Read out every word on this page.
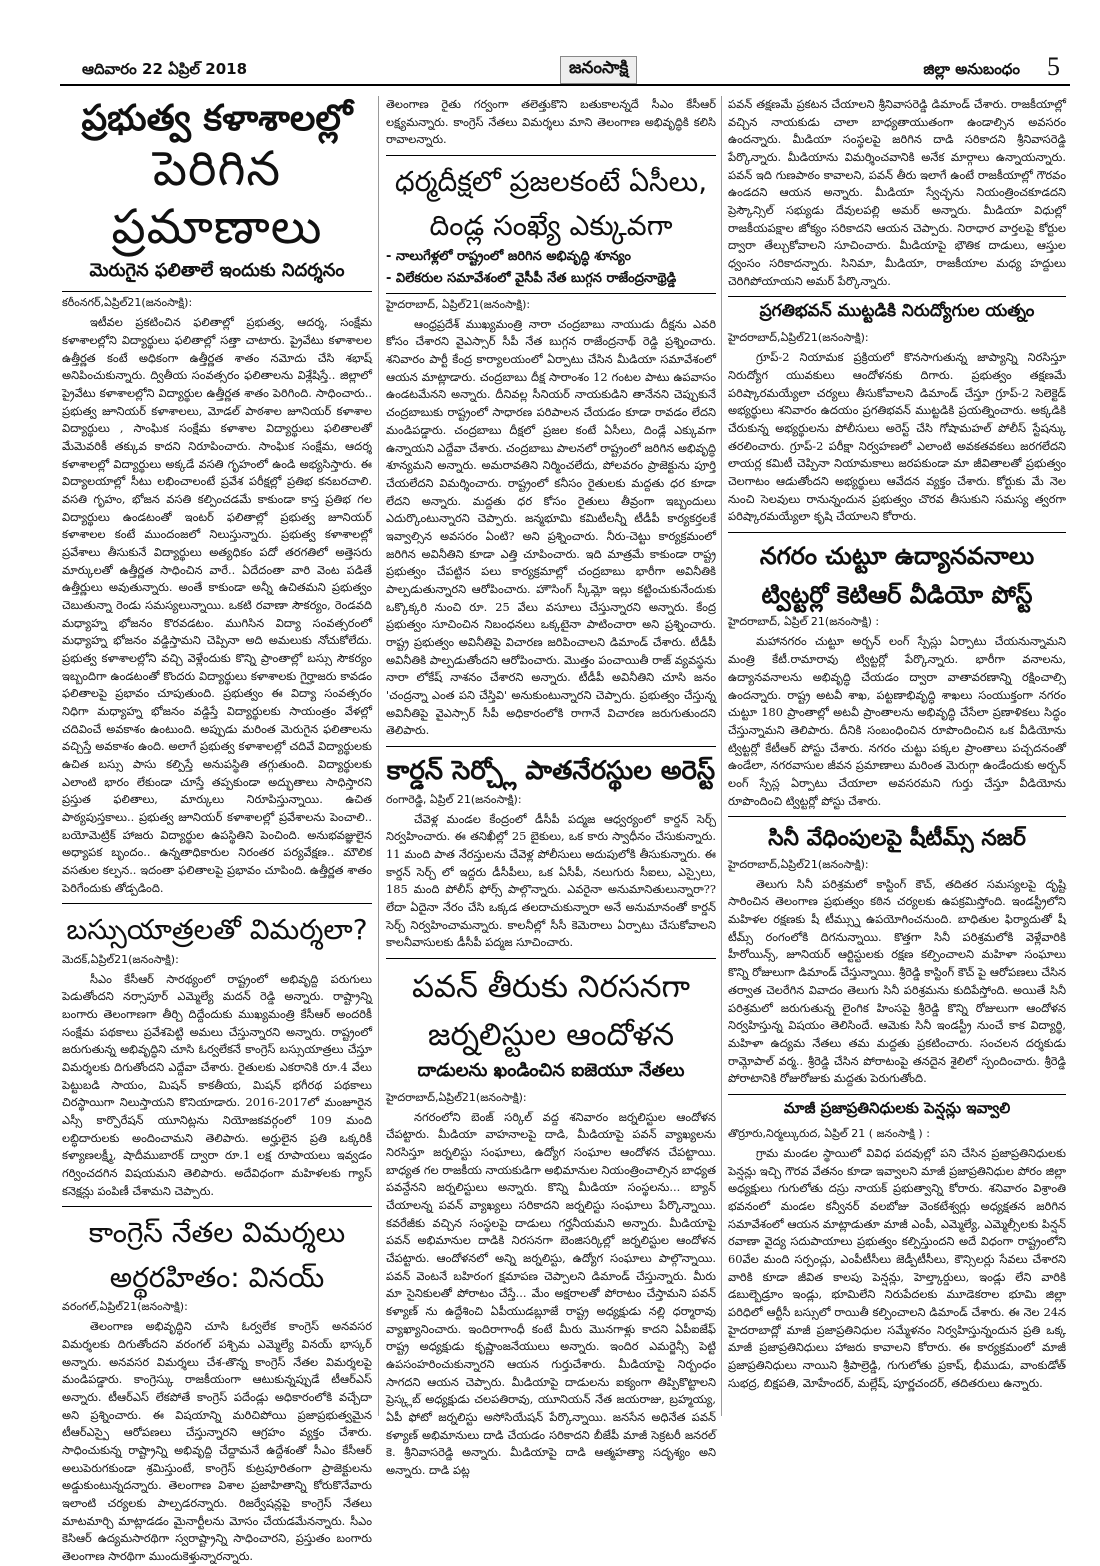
ఆదివారం 22 ఏప్రిల్ 2018	జనంసాక్షి	జిల్లా అనుబంధం 5
ప్రభుత్వ కళాశాలల్లో
పెరిగిన ప్రమాణాలు
మెరుగైన ఫలితాలే ఇందుకు నిదర్శనం
కరీంనగర్,ఏప్రిల్21(జనంసాక్షి):

ఇటీవల ప్రకటించిన ఫలితాల్లో ప్రభుత్వ, ఆదర్శ, సంక్షేమ కళాశాలల్లోని విద్యార్థులు ఫలితాల్లో సత్తా చాటారు. ప్రైవేటు కళాశాలల ఉత్తీర్ణత కంటే అధికంగా ఉత్తీర్ణత శాతం నమోదు చేసి శభాష్ అనిపించుకున్నారు. ద్వితీయ సంవత్సరం ఫలితాలను విశ్లేషిస్తే.. జిల్లాలో ప్రైవేటు కళాశాలల్లోని విద్యార్థుల ఉత్తీర్ణత శాతం పెరిగింది. సాధించారు.. ప్రభుత్వ జూనియర్ కళాశాలలు, మోడల్ పాఠశాల జూనియర్ కళాశాల విద్యార్థులు , సాంఘిక సంక్షేమ కళాశాల విద్యార్థులు ఫలితాలతో మేమెవరికీ తక్కువ కాదని నిరూపించారు. సాంఘిక సంక్షేమ, ఆదర్శ కళాశాలల్లో విద్యార్థులు అక్కడే వసతి గృహంలో ఉండి అభ్యసిస్తారు. ఈ విద్యాలయాల్లో సీటు లభించాలంటే ప్రవేశ పరీక్షల్లో ప్రతిభ కనబరచాలి. వసతి గృహం, భోజన వసతి కల్పించడమే కాకుండా కాస్త ప్రతిభ గల విద్యార్థులు ఉండటంతో ఇంటర్ ఫలితాల్లో ప్రభుత్వ జూనియర్ కళాశాలల కంటే ముందంజలో నిలుస్తున్నారు. ప్రభుత్వ కళాశాలల్లో ప్రవేశాలు తీసుకునే విద్యార్థులు అత్యధికం పదో తరగతిలో అత్తెసరు మార్కులతో ఉత్తీర్ణత సాధించిన వారే.. ఏదేదంతా వారి వెంట పడితే ఉత్తీర్ణులు అవుతున్నారు. అంతే కాకుండా అన్నీ ఉచితమని ప్రభుత్వం చెబుతున్నా రెండు సమస్యలున్నాయి. ఒకటి రవాణా సౌకర్యం, రెండవది మధ్యాహ్న భోజనం కొరవడటం. ముగిసిన విద్యా సంవత్సరంలో మధ్యాహ్న భోజనం వడ్డిస్తామని చెప్పినా అది అమలుకు నోచుకోలేదు. ప్రభుత్వ కళాశాలల్లోని వచ్చి వెళ్లేందుకు కొన్ని ప్రాంతాల్లో బస్సు సౌకర్యం ఇబ్బందిగా ఉండటంతో కొందరు విద్యార్థులు కళాశాలకు గైర్హాజరు కావడం ఫలితాలపై ప్రభావం చూపుతుంది. ప్రభుత్వం ఈ విద్యా సంవత్సరం నిధిగా మధ్యాహ్న భోజనం వడ్డిస్తే విద్యార్థులకు సాయంత్రం వేళల్లో చదివించే అవకాశం ఉంటుంది. అప్పుడు మరింత మెరుగైన ఫలితాలను వచ్చిస్తే అవకాశం ఉంది. అలాగే ప్రభుత్వ కళాశాలల్లో చదివే విద్యార్థులకు ఉచిత బస్సు పాసు కల్పిస్తే అనుపస్థితి తగ్గుతుంది. విద్యార్థులకు ఎలాంటి భారం లేకుండా చూస్తే తప్పకుండా అద్భుతాలు సాధిస్తారని ప్రస్తుత ఫలితాలు, మార్కులు నిరూపిస్తున్నాయి. ఉచిత పాఠ్యపుస్తకాలు.. ప్రభుత్వ జూనియర్ కళాశాలల్లో ప్రవేశాలను పెంచాలి.. బయోమెట్రిక్ హాజరు విద్యార్థుల ఉపస్థితిని పెంచింది. అనుభవజ్ఞులైన అధ్యాపక బృందం.. ఉన్నతాధికారుల నిరంతర పర్యవేక్షణ.. మౌలిక వసతుల కల్పన.. ఇదంతా ఫలితాలపై ప్రభావం చూపింది. ఉత్తీర్ణత శాతం పెరిగేందుకు తోడ్పడింది.

బస్సుయాత్రలతో విమర్శలా?
మెదక్,ఏప్రిల్21(జనంసాక్షి):

సీఎం కేసీఆర్ సారథ్యంలో రాష్ట్రంలో అభివృద్ది పరుగులు పెడుతోందని నర్సాపూర్ ఎమ్మెల్యే మదన్ రెడ్డి అన్నారు. రాష్ట్రాన్ని బంగారు తెలంగాణగా తీర్చి దిద్దేందుకు ముఖ్యమంత్రి కేసీఆర్ అందరికీ సంక్షేమ పథకాలు ప్రవేశపెట్టి అమలు చేస్తున్నారని అన్నారు. రాష్ట్రంలో జరుగుతున్న అభివృద్ధిని చూసి ఓర్వలేకనే కాంగ్రెస్ బస్సుయాత్రలు చేస్తూ విమర్శలకు దిగుతోందని ఎద్దేవా చేశారు. రైతులకు ఎకరానికి రూ.4 వేలు పెట్టుబడి సాయం, మిషన్ కాకతీయ, మిషన్ భగీరథ పథకాలు చిరస్థాయిగా నిలుస్తాయని కొనియాడారు. 2016-2017లో మంజూరైన ఎస్సీ కార్పొరేషన్ యూనిట్లను నియోజకవర్గంలో 109 మంది లబ్ధిదారులకు అందించామని తెలిపారు. అర్హులైన ప్రతి ఒక్కరికీ కళ్యాణలక్ష్మీ, షాదీముబారక్ ద్వారా రూ.1 లక్ష రూపాయలు ఇవ్వడం గర్వించదగిన విషయమని తెలిపారు. అదేవిధంగా మహిళలకు గ్యాస్ కనెక్షన్లు పంపిణీ చేశామని చెప్పారు.

కాంగ్రెస్ నేతల విమర్శలు
అర్థరహితం: వినయ్
వరంగల్,ఏప్రిల్21(జనంసాక్షి):

తెలంగాణ అభివృద్ధిని చూసి ఓర్వలేక కాంగ్రెస్ అనవసర విమర్శలకు దిగుతోందని వరంగల్ పశ్చిమ ఎమ్మెల్యే వినయ్ భాస్కర్ అన్నారు. అనవసర విమర్శలు చేశ-తొన్న కాంగ్రెస్ నేతల విమర్శలపై మండిపడ్డారు. కాంగ్రెస్కు రాజకీయంగా ఆటుకున్నప్పుడే టీఆర్ఎస్ అన్నారు. టీఆర్ఎస్ లేకపోతే కాంగ్రెస్ పదేండ్లు అధికారంలోకి వచ్చేదా అని ప్రశ్నించారు. ఈ విషయాన్ని మరిచిపోయి ప్రజాప్రభుత్వమైన టీఆర్ఎస్పై ఆరోపణలు చేస్తున్నారని ఆగ్రహం వ్యక్తం చేశారు. సాధించుకున్న రాష్ట్రాన్ని అభివృద్ది చేద్దామనే ఉద్దేశంతో సీఎం కేసీఆర్ అలుపెరుగకుండా శ్రమిస్తుంటే, కాంగ్రెస్ కుట్రపూరితంగా ప్రాజెక్టులను అడ్డుకుంటున్నదన్నారు. తెలంగాణ విశాల ప్రజాహితాన్ని కోరుకొనేవారు ఇలాంటి చర్యలకు పాల్పడరన్నారు. రిజర్వేషన్లపై కాంగ్రెస్ నేతలు మాటమార్చి మాట్లాడడం మైనార్టీలను మోసం చేయడమేనన్నారు. సీఎం కెసిఆర్ ఉద్యమసారథిగా స్వరాష్ట్రాన్ని సాధించారని, ప్రస్తుతం బంగారు తెలంగాణ సారథిగా ముందుకెళ్తున్నారన్నారు.

తెలంగాణ రైతు గర్వంగా తలెత్తుకొని బతుకాలన్నదే సీఎం కేసీఆర్ లక్ష్యమన్నారు. కాంగ్రెస్ నేతలు విమర్శలు మాని తెలంగాణ అభివృద్ధికి కలిసి రావాలన్నారు.

ధర్మదీక్షలో ప్రజలకంటే ఏసీలు,
దిండ్ల సంఖ్యే ఎక్కువగా
- నాలుగేళ్లలో రాష్ట్రంలో జరిగిన అభివృద్ధి శూన్యం
- విలేకరుల సమావేశంలో వైసీపీ నేత బుగ్గన రాజేంద్రనాథ్రెడ్డి
హైదరాబాద్, ఏప్రిల్21(జనంసాక్షి):

ఆంధ్రప్రదేశ్ ముఖ్యమంత్రి నారా చంద్రబాబు నాయుడు దీక్షను ఎవరి కోసం చేశారని వైఎస్సార్ సీపీ నేత బుగ్గన రాజేంద్రనాథ్ రెడ్డి ప్రశ్నించారు. శనివారం పార్టీ కేంద్ర కార్యాలయంలో ఏర్పాటు చేసిన మీడియా సమావేశంలో ఆయన మాట్లాడారు. చంద్రబాబు దీక్ష సారాంశం 12 గంటల పాటు ఉపవాసం ఉండటమేనని అన్నారు. దీనివల్ల సీనియర్ నాయకుడిని తానేనని చెప్పుకునే చంద్రబాబుకు రాష్ట్రంలో సాధారణ పరిపాలన చేయడం కూడా రావడం లేదని మండిపడ్డారు. చంద్రబాబు దీక్షలో ప్రజల కంటే ఏసీలు, దిండ్లే ఎక్కువగా ఉన్నాయని ఎద్దేవా చేశారు. చంద్రబాబు పాలనలో రాష్ట్రంలో జరిగిన అభివృద్ధి శూన్యమని అన్నారు. అమరావతిని నిర్మించలేదు, పోలవరం ప్రాజెక్టును పూర్తి చేయలేదని విమర్శించారు. రాష్ట్రంలో కనీసం రైతులకు మద్దతు ధర కూడా లేదని అన్నారు. మద్దతు ధర కోసం రైతులు తీవ్రంగా ఇబ్బందులు ఎదుర్కొంటున్నారని చెప్పారు. జన్మభూమి కమిటీలన్నీ టీడీపీ కార్యకర్తలకే ఇవ్వాల్సిన అవసరం ఏంటి? అని ప్రశ్నించారు. నీరు-చెట్టు కార్యక్రమంలో జరిగిన అవినీతిని కూడా ఎత్తి చూపించారు. ఇది మాత్రమే కాకుండా రాష్ట్ర ప్రభుత్వం చేపట్టిన పలు కార్యక్రమాల్లో చంద్రబాబు భారీగా అవినీతికి పాల్పడుతున్నారని ఆరోపించారు. హౌసింగ్ స్కీమ్లో ఇల్లు కట్టించుకునేందుకు ఒక్కొక్కరి నుంచి రూ. 25 వేలు వసూలు చేస్తున్నారని అన్నారు. కేంద్ర ప్రభుత్వం సూచించిన నిబంధనలు ఒక్కటైనా పాటించారా అని ప్రశ్నించారు. రాష్ట్ర ప్రభుత్వం అవినీతిపై విచారణ జరిపించాలని డిమాండ్ చేశారు. టీడీపీ అవినీతికి పాల్పడుతోందని ఆరోపించారు. మొత్తం పంచాయితీ రాజ్ వ్యవస్థను నారా లోకేష్ నాశనం చేశారని అన్నారు. టీడీపీ అవినీతిని చూసి జనం 'చంద్రన్నా ఎంత పని చేస్తివి' అనుకుంటున్నారని చెప్పారు. ప్రభుత్వం చేస్తున్న అవినీతిపై వైఎస్సార్ సీపీ అధికారంలోకి రాగానే విచారణ జరుగుతుందని తెలిపారు.

కార్డన్ సెర్చ్లో పాతనేరస్థుల అరెస్ట్
రంగారెడ్డి, ఏప్రిల్ 21(జనంసాక్షి):

చేవెళ్ల మండల కేంద్రంలో డీసీపీ పద్మజ ఆధ్వర్యంలో కార్డన్ సెర్చ్ నిర్వహించారు. ఈ తనిఖీల్లో 25 బైకులు, ఒక కారు స్వాధీనం చేసుకున్నారు. 11 మంది పాత నేరస్తులను చేవెళ్ల పోలీసులు అదుపులోకి తీసుకున్నారు. ఈ కార్డన్ సెర్చ్ లో ఇద్దరు డీసీపీలు, ఒక ఏసీపీ, నలుగురు సీఐలు, ఎస్సైలు, 185 మంది పోలీస్ ఫోర్స్ పాల్గొన్నారు. ఎవరైనా అనుమానితులున్నారా?? లేదా ఏదైనా నేరం చేసి ఒక్కడ తలదాచుకున్నారా అనే అనుమానంతో కార్డన్ సెర్చ్ నిర్వహించామన్నారు. కాలనీల్లో సీసీ కెమెరాలు ఏర్పాటు చేసుకోవాలని కాలనీవాసులకు డీసీపీ పద్మజ సూచించారు.

పవన్ తీరుకు నిరసనగా
జర్నలిస్టుల ఆందోళన
దాడులను ఖండించిన ఐజెయూ నేతలు
హైదరాబాద్,ఏప్రిల్21(జనంసాక్షి):

నగరంలోని బెంజ్ సర్కిల్ వద్ద శనివారం జర్నలిస్టుల ఆందోళన చేపట్టారు. మీడియా వాహనాలపై దాడి, మీడియాపై పవన్ వ్యాఖ్యలను నిరసిస్తూ జర్నలిస్టు సంఘాలు, ఉద్యోగ సంఘాల ఆందోళన చేపట్టాయి. బాధ్యత గల రాజకీయ నాయకుడిగా అభిమానుల నియంత్రించాల్సిన బాధ్యత పవన్దేనని జర్నలిస్టులు అన్నారు. కొన్ని మీడియా సంస్థలను... బ్యాన్ చేయాలన్న పవన్ వ్యాఖ్యలు సరికాదని జర్నలిస్టు సంఘాలు పేర్కొన్నాయి. కవరేజీకు వచ్చిన సంస్థలపై దాడులు గర్హనీయమని అన్నారు. మీడియాపై పవన్ అభిమానుల దాడికి నిరసనగా బెంజిసర్కిల్లో జర్నలిస్టుల ఆందోళన చేపట్టారు. ఆందోళనలో అన్ని జర్నలిస్టు, ఉద్యోగ సంఘాలు పాల్గొన్నాయి. పవన్ వెంటనే బహిరంగ క్షమాపణ చెప్పాలని డిమాండ్ చేస్తున్నారు. మీరు మా సైనికులతో పోరాటం చేస్తే... మేం అక్షరాలతో పోరాటం చేస్తామని పవన్ కళ్యాణ్ ను ఉద్దేశించి ఏపీయుడబ్లూజే రాష్ట్ర అధ్యక్షుడు నల్లి ధర్మారావు వ్యాఖ్యానించారు. ఇందిరాగాంధీ కంటే మీరు మొనగాళ్లు కాదని ఏపీఐజేఫ్ రాష్ట్ర అధ్యక్షుడు కృష్ణాంజనేయులు అన్నారు. ఇందిర ఎమర్జెన్సీ పెట్టి ఉపసంహరించుకున్నారని ఆయన గుర్తుచేశారు. మీడియాపై నిర్బంధం సాగదని ఆయన చెప్పారు. మీడియాపై దాడులను ఐక్యంగా తిప్పికొట్టాలని ప్రెస్క్లబ్ అధ్యక్షుడు చలపతిరావు, యూనియన్ నేత జయరాజు, బ్రహ్మయ్య, ఏపీ ఫోటో జర్నలిస్టు అసోసియేషన్ పేర్కొన్నాయి. జనసేన అధినేత పవన్ కళ్యాణ్ అభిమానులు దాడి చేయడం సరికాదని బీజేపీ మాజీ సెక్రటరీ జనరల్ కె. శ్రీనివాసరెడ్డి అన్నారు. మీడియాపై దాడి ఆత్మహత్యా సదృశ్యం అని అన్నారు. దాడి పట్ల

పవన్ తక్షణమే ప్రకటన చేయాలని శ్రీనివాసరెడ్డి డిమాండ్ చేశారు. రాజకీయాల్లో వచ్చిన నాయకుడు చాలా బాధ్యతాయుతంగా ఉండాల్సిన అవసరం ఉందన్నారు. మీడియా సంస్థలపై జరిగిన దాడి సరికాదని శ్రీనివాసరెడ్డి పేర్కొన్నారు. మీడియాను విమర్శించవానికి అనేక మార్గాలు ఉన్నాయన్నారు. పవన్ ఇది గుణపాఠం కావాలని, పవన్ తీరు ఇలాగే ఉంటే రాజకీయాల్లో గౌరవం ఉండదని ఆయన అన్నారు. మీడియా స్వేచ్ఛను నియంత్రించకూడదని ప్రెస్కౌన్సిల్ సభ్యుడు దేవులపల్లి అమర్ అన్నారు. మీడియా విధుల్లో రాజకీయపక్షాల జోక్యం సరికాదని ఆయన చెప్పారు. నిరాధార వార్తలపై కోర్టుల ద్వారా తేల్చుకోవాలని సూచించారు. మీడియాపై భౌతిక దాడులు, ఆస్తుల ధ్వంసం సరికాదన్నారు. సినిమా, మీడియా, రాజకీయాల మధ్య హద్దులు చెరిగిపోయాయని అమర్ పేర్కొన్నారు.

ప్రగతిభవన్ ముట్టడికి నిరుద్యోగుల యత్నం
హైదరాబాద్,ఏప్రిల్21(జనంసాక్షి):

గ్రూప్-2 నియామక ప్రక్రియలో కొనసాగుతున్న జాప్యాన్ని నిరసిస్తూ నిరుద్యోగ యువకులు ఆందోళనకు దిగారు. ప్రభుత్వం తక్షణమే పరిష్కారమయ్యేలా చర్యలు తీసుకోవాలని డిమాండ్ చేస్తూ గ్రూప్-2 సెలెక్టెడ్ అభ్యర్థులు శనివారం ఉదయం ప్రగతిభవన్ ముట్టడికి ప్రయత్నించారు. అక్కడికి చేరుకున్న అభ్యర్థులను పోలీసులు అరెస్ట్ చేసి గోషామహల్ పోలీస్ స్టేషన్కు తరలించారు. గ్రూప్-2 పరీక్షా నిర్వహణలో ఎలాంటి అవకతవకలు జరగలేదని లాయర్ల కమిటీ చెప్పినా నియామకాలు జరపకుండా మా జీవితాలతో ప్రభుత్వం చెలగాటం ఆడుతోందని అభ్యర్థులు ఆవేదన వ్యక్తం చేశారు. కోర్టుకు మే నెల నుంచి సెలవులు రానున్నందున ప్రభుత్వం చొరవ తీసుకుని సమస్య త్వరగా పరిష్కారమయ్యేలా కృషి చేయాలని కోరారు.

నగరం చుట్టూ ఉద్యానవనాలు
ట్విట్టర్లో కెటిఆర్ వీడియో పోస్ట్
హైదరాబాద్, ఏప్రిల్ 21(జనంసాక్షి) :

మహానగరం చుట్టూ అర్బన్ లంగ్ స్పేస్లు ఏర్పాటు చేయనున్నామని మంత్రి కేటీ.రామారావు ట్విట్టర్లో పేర్కొన్నారు. భారీగా వనాలను, ఉద్యానవనాలను అభివృద్ధి చేయడం ద్వారా వాతావరణాన్ని రక్షించాల్సి ఉందన్నారు. రాష్ట్ర అటవీ శాఖ, పట్టణాభివృద్ధి శాఖలు సంయుక్తంగా నగరం చుట్టూ 180 ప్రాంతాల్లో అటవీ ప్రాంతాలను అభివృద్ధి చేసేలా ప్రణాళికలు సిద్ధం చేస్తున్నామని తెలిపారు. దీనికి సంబంధించిన రూపొందించిన ఒక వీడియోను ట్విట్టర్లో కేటీఆర్ పోస్టు చేశారు. నగరం చుట్టు పక్కల ప్రాంతాలు పచ్చదనంతో ఉండేలా, నగరవాసుల జీవన ప్రమాణాలు మరింత మెరుగ్గా ఉండేందుకు అర్బన్ లంగ్ స్పేస్ల ఏర్పాటు చేయాలా అవసరమని గుర్తు చేస్తూ వీడియోను రూపొందించి ట్విట్టర్లో పోస్టు చేశారు.

సినీ వేధింపులపై షీటీమ్స్ నజర్
హైదరాబాద్,ఏప్రిల్21(జనంసాక్షి):

తెలుగు సినీ పరిశ్రమలో కాస్టింగ్ కౌచ్, తదితర సమస్యలపై దృష్టి సారించిన తెలంగాణ ప్రభుత్వం కఠిన చర్యలకు ఉపక్రమిస్తోంది. ఇండస్ట్రీలోని మహిళల రక్షణకు షీ టీమ్స్ను ఉపయోగించనుంది. బాధితుల ఫిర్యాదుతో షీ టీమ్స్ రంగంలోకి దిగనున్నాయి. కొత్తగా సినీ పరిశ్రమలోకి వెళ్లేవారికి హీరోయిన్స్, జూనియర్ ఆర్టిస్టులకు రక్షణ కల్పించాలని మహిళా సంఘాలు కొన్ని రోజులుగా డిమాండ్ చేస్తున్నాయి. శ్రీరెడ్డి కాస్టింగ్ కౌచ్ పై ఆరోపణలు చేసిన తర్వాత చెలరేగిన వివాదం తెలుగు సినీ పరిశ్రమను కుదిపేస్తోంది. అయితే సినీ పరిశ్రమలో జరుగుతున్న లైంగిక హింసపై శ్రీరెడ్డి కొన్ని రోజులుగా ఆందోళన నిర్వహిస్తున్న విషయం తెలిసిందే. ఆమెకు సినీ ఇండస్ట్రీ నుంచే కాక విద్యార్థి, మహిళా ఉద్యమ నేతలు తమ మద్దతు ప్రకటించారు. సంచలన దర్శకుడు రామ్గోపాల్ వర్మ.. శ్రీరెడ్డి చేసిన పోరాటంపై తనదైన శైలిలో స్పందించారు. శ్రీరెడ్డి పోరాటానికి రోజురోజుకు మద్దతు పెరుగుతోంది.

మాజీ ప్రజాప్రతినిధులకు పెన్షన్లు ఇవ్వాలి
తొర్రూరు,నిర్మల్కురుద, ఏప్రిల్ 21 ( జనంసాక్షి ) :

గ్రామ మండల స్థాయిలో వివిధ పదవుల్లో పని చేసిన ప్రజాప్రతినిధులకు పెన్షన్లు ఇచ్చి గౌరవ వేతనం కూడా ఇవ్వాలని మాజీ ప్రజాప్రతినిధుల పోరం జిల్లా అధ్యక్షులు గుగులోతు దస్రు నాయక్ ప్రభుత్వాన్ని కోరారు. శనివారం విశ్రాంతి భవనంలో మండల కన్వీనర్ వలబోజు వెంకటేశ్వర్లు అధ్యక్షతన జరిగిన సమావేశంలో ఆయన మాట్లాడుతూ మాజీ ఎంపీ, ఎమ్మెల్యే, ఎమ్మెల్సీలకు పిన్షన్ రవాణా వైద్య సదుపాయాలు ప్రభుత్వం కల్పిస్తుందని అదే విధంగా రాష్ట్రంలోని 60వేల మంది సర్పంచ్లు, ఎంపీటీసీలు జెడ్పీటీసీలు, కౌన్సిలర్లు సేవలు చేశారని వారికి కూడా జీవిత కాలపు పెన్షన్లు, హెల్త్కార్డులు, ఇండ్లు లేని వారికి డబుల్బెడ్రూం ఇండ్లు, భూమిలేని నిరుపేదలకు మూడెకరాల భూమి జిల్లా పరిధిలో ఆర్టీసీ బస్సులో రాయితీ కల్పించాలని డిమాండ్ చేశారు. ఈ నెల 24న హైదరాబాద్లో మాజీ ప్రజాప్రతినిధుల సమ్మేళనం నిర్వహిస్తున్నందున ప్రతి ఒక్క మాజీ ప్రజాప్రతినిధులు హాజరు కావాలని కోరారు. ఈ కార్యక్రమంలో మాజీ ప్రజాప్రతినిధులు నాయిని శ్రీపాల్రెడ్డి, గుగులోతు ప్రకాష్, భీముడు, వాంకుడోత్ సుభద్ర, బిక్షపతి, మోహేందర్, మల్లేష్, పూర్ణచందర్, తదితరులు ఉన్నారు.
